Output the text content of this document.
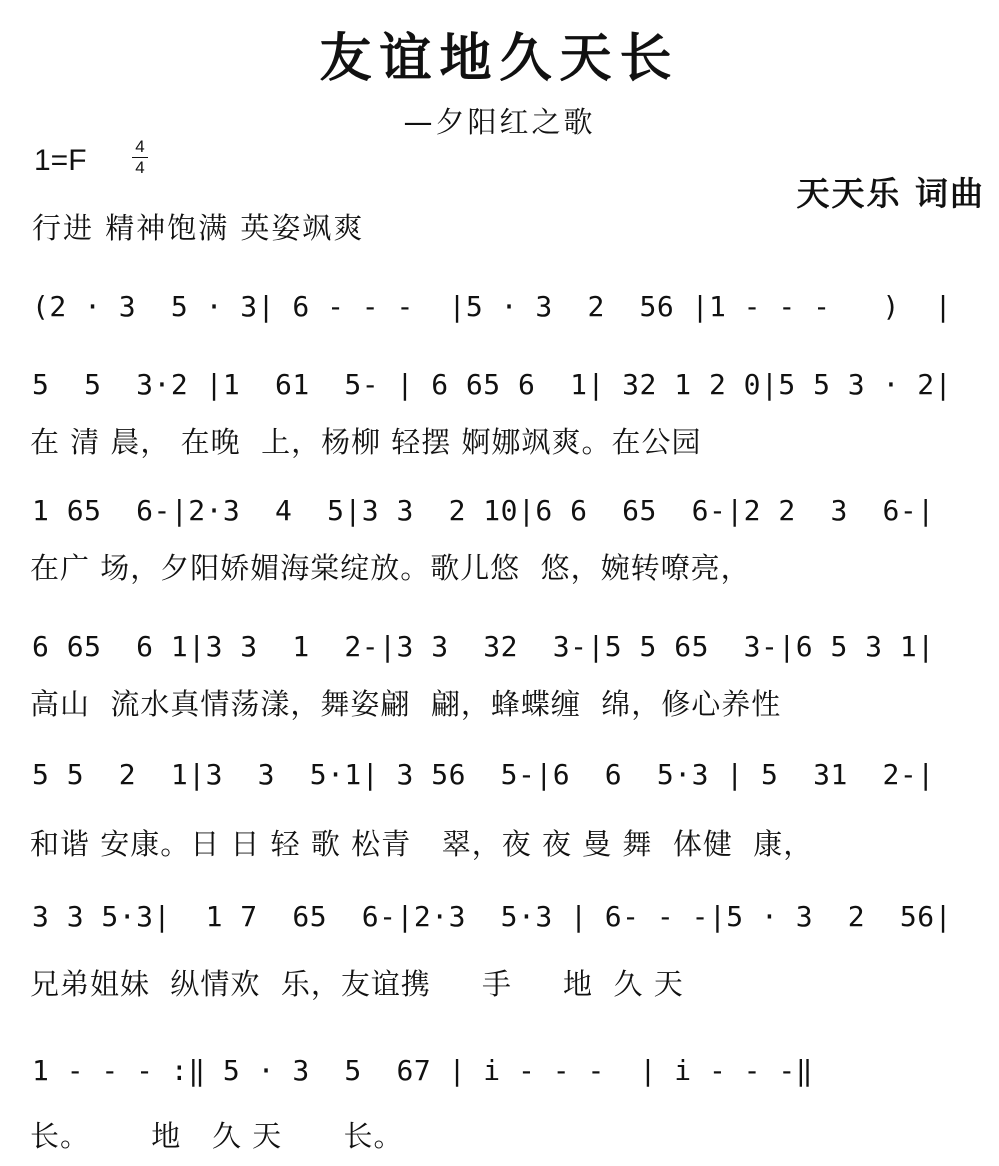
友谊地久天长
—夕阳红之歌
1=F	4
4
天天乐 词曲
行进 精神饱满 英姿飒爽
(2 · 3  5 · 3| 6 - - -  |5 · 3  2  56 |1 - - -   )  |
5  5  3·2 |1  61  5- | 6 65 6  1| 32 1 2 0|5 5 3 · 2|
在 清 晨， 在晚  上，杨柳 轻摆 婀娜飒爽。在公园
1 65  6-|2·3  4  5|3 3  2 10|6 6  65  6-|2 2  3  6-|
在广 场，夕阳娇媚海棠绽放。歌儿悠  悠，婉转嘹亮，
6 65  6 1|3 3  1  2-|3 3  32  3-|5 5 65  3-|6 5 3 1|
高山  流水真情荡漾，舞姿翩  翩，蜂蝶缠  绵，修心养性
5 5  2  1|3  3  5·1| 3 56  5-|6  6  5·3 | 5  31  2-|
和谐 安康。日 日 轻 歌 松青   翠，夜 夜 曼 舞  体健  康，
3 3 5·3|  1 7  65  6-|2·3  5·3 | 6- - -|5 · 3  2  56|
兄弟姐妹  纵情欢  乐，友谊携     手     地  久 天
1 - - - :‖ 5 · 3  5  67 | i - - -  | i - - -‖
长。      地   久 天      长。
